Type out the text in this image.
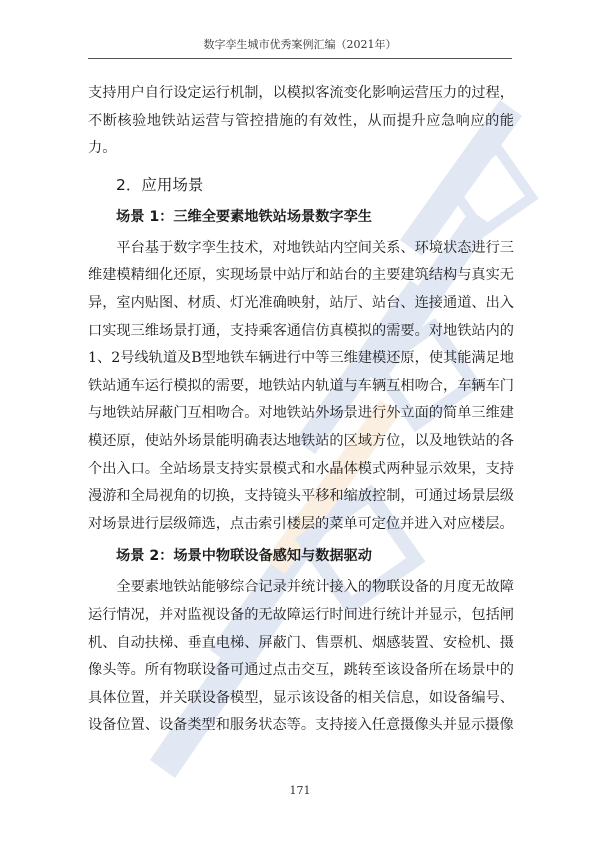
数字孪生城市优秀案例汇编（2021年）

支持用户自行设定运行机制，以模拟客流变化影响运营压力的过程，不断核验地铁站运营与管控措施的有效性，从而提升应急响应的能力。

2．应用场景
场景 1：三维全要素地铁站场景数字孪生

平台基于数字孪生技术，对地铁站内空间关系、环境状态进行三维建模精细化还原，实现场景中站厅和站台的主要建筑结构与真实无异，室内贴图、材质、灯光准确映射，站厅、站台、连接通道、出入口实现三维场景打通，支持乘客通信仿真模拟的需要。对地铁站内的1、2号线轨道及B型地铁车辆进行中等三维建模还原，使其能满足地铁站通车运行模拟的需要，地铁站内轨道与车辆互相吻合，车辆车门与地铁站屏蔽门互相吻合。对地铁站外场景进行外立面的简单三维建模还原，使站外场景能明确表达地铁站的区域方位，以及地铁站的各个出入口。全站场景支持实景模式和水晶体模式两种显示效果，支持漫游和全局视角的切换，支持镜头平移和缩放控制，可通过场景层级对场景进行层级筛选，点击索引楼层的菜单可定位并进入对应楼层。

场景 2：场景中物联设备感知与数据驱动

全要素地铁站能够综合记录并统计接入的物联设备的月度无故障运行情况，并对监视设备的无故障运行时间进行统计并显示，包括闸机、自动扶梯、垂直电梯、屏蔽门、售票机、烟感装置、安检机、摄像头等。所有物联设备可通过点击交互，跳转至该设备所在场景中的具体位置，并关联设备模型，显示该设备的相关信息，如设备编号、设备位置、设备类型和服务状态等。支持接入任意摄像头并显示摄像

171
